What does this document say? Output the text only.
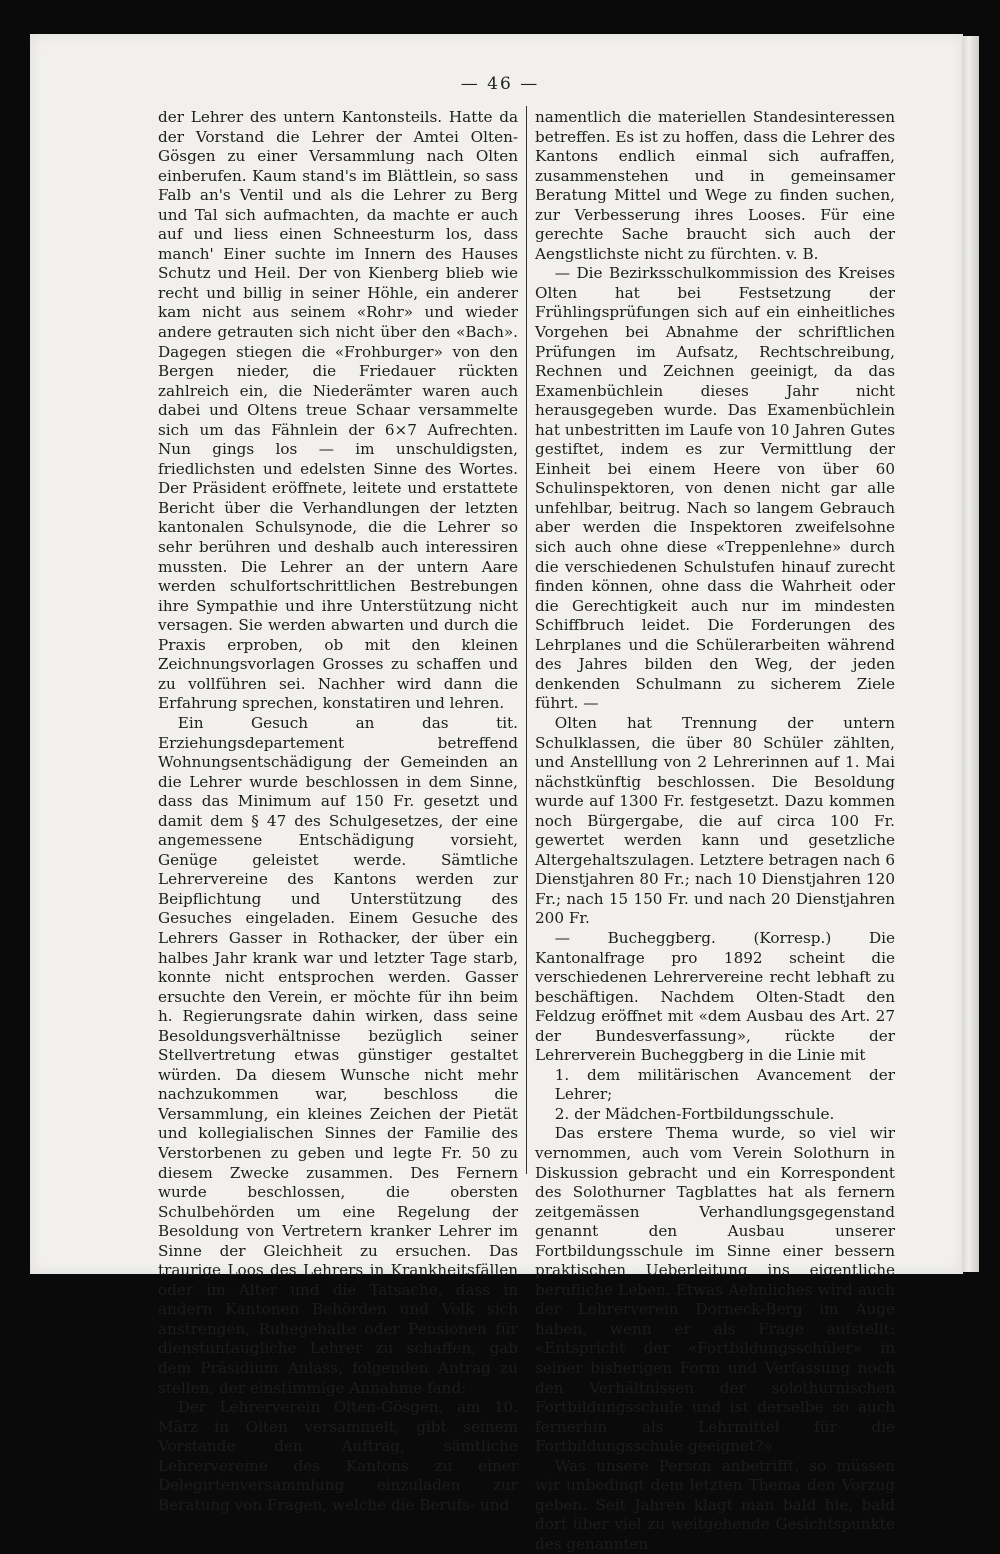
— 46 —

der Lehrer des untern Kantonsteils. Hatte da der Vorstand die Lehrer der Amtei Olten-Gösgen zu einer Versammlung nach Olten einberufen. Kaum stand's im Blättlein, so sass Falb an's Ventil und als die Lehrer zu Berg und Tal sich aufmachten, da machte er auch auf und liess einen Schneesturm los, dass manch' Einer suchte im Innern des Hauses Schutz und Heil. Der von Kienberg blieb wie recht und billig in seiner Höhle, ein anderer kam nicht aus seinem «Rohr» und wieder andere getrauten sich nicht über den «Bach». Dagegen stiegen die «Frohburger» von den Bergen nieder, die Friedauer rückten zahlreich ein, die Niederämter waren auch dabei und Oltens treue Schaar versammelte sich um das Fähnlein der 6×7 Aufrechten. Nun gings los — im unschuldigsten, friedlichsten und edelsten Sinne des Wortes. Der Präsident eröffnete, leitete und erstattete Bericht über die Verhandlungen der letzten kantonalen Schulsynode, die die Lehrer so sehr berühren und deshalb auch interessiren mussten. Die Lehrer an der untern Aare werden schulfortschrittlichen Bestrebungen ihre Sympathie und ihre Unterstützung nicht versagen. Sie werden abwarten und durch die Praxis erproben, ob mit den kleinen Zeichnungsvorlagen Grosses zu schaffen und zu vollführen sei. Nachher wird dann die Erfahrung sprechen, konstatiren und lehren.

Ein Gesuch an das tit. Erziehungsdepartement betreffend Wohnungsentschädigung der Gemeinden an die Lehrer wurde beschlossen in dem Sinne, dass das Minimum auf 150 Fr. gesetzt und damit dem § 47 des Schulgesetzes, der eine angemessene Entschädigung vorsieht, Genüge geleistet werde. Sämtliche Lehrervereine des Kantons werden zur Beipflichtung und Unterstützung des Gesuches eingeladen. Einem Gesuche des Lehrers Gasser in Rothacker, der über ein halbes Jahr krank war und letzter Tage starb, konnte nicht entsprochen werden. Gasser ersuchte den Verein, er möchte für ihn beim h. Regierungsrate dahin wirken, dass seine Besoldungsverhältnisse bezüglich seiner Stellvertretung etwas günstiger gestaltet würden. Da diesem Wunsche nicht mehr nachzukommen war, beschloss die Versammlung, ein kleines Zeichen der Pietät und kollegialischen Sinnes der Familie des Verstorbenen zu geben und legte Fr. 50 zu diesem Zwecke zusammen. Des Fernern wurde beschlossen, die obersten Schulbehörden um eine Regelung der Besoldung von Vertretern kranker Lehrer im Sinne der Gleichheit zu ersuchen. Das traurige Loos des Lehrers in Krankheitsfällen oder im Alter und die Tatsache, dass in andern Kantonen Behörden und Volk sich anstrengen, Ruhegehalte oder Pensionen für dienstuntaugliche Lehrer zu schaffen, gab dem Präsidium Anlass, folgenden Antrag zu stellen, der einstimmige Annahme fand:

Der Lehrerverein Olten-Gösgen, am 10. März in Olten versammelt, gibt seinem Vorstande den Auftrag, sämtliche Lehrervereine des Kantons zu einer Delegirtenversammlung einzuladen zur Beratung von Fragen, welche die Berufs- und

namentlich die materiellen Standesinteressen betreffen. Es ist zu hoffen, dass die Lehrer des Kantons endlich einmal sich aufraffen, zusammenstehen und in gemeinsamer Beratung Mittel und Wege zu finden suchen, zur Verbesserung ihres Looses. Für eine gerechte Sache braucht sich auch der Aengstlichste nicht zu fürchten. v. B.

— Die Bezirksschulkommission des Kreises Olten hat bei Festsetzung der Frühlingsprüfungen sich auf ein einheitliches Vorgehen bei Abnahme der schriftlichen Prüfungen im Aufsatz, Rechtschreibung, Rechnen und Zeichnen geeinigt, da das Examenbüchlein dieses Jahr nicht herausgegeben wurde. Das Examenbüchlein hat unbestritten im Laufe von 10 Jahren Gutes gestiftet, indem es zur Vermittlung der Einheit bei einem Heere von über 60 Schulinspektoren, von denen nicht gar alle unfehlbar, beitrug. Nach so langem Gebrauch aber werden die Inspektoren zweifelsohne sich auch ohne diese «Treppenlehne» durch die verschiedenen Schulstufen hinauf zurecht finden können, ohne dass die Wahrheit oder die Gerechtigkeit auch nur im mindesten Schiffbruch leidet. Die Forderungen des Lehrplanes und die Schülerarbeiten während des Jahres bilden den Weg, der jeden denkenden Schulmann zu sicherem Ziele führt. —

Olten hat Trennung der untern Schulklassen, die über 80 Schüler zählten, und Anstelllung von 2 Lehrerinnen auf 1. Mai nächstkünftig beschlossen. Die Besoldung wurde auf 1300 Fr. festgesetzt. Dazu kommen noch Bürgergabe, die auf circa 100 Fr. gewertet werden kann und gesetzliche Altergehaltszulagen. Letztere betragen nach 6 Dienstjahren 80 Fr.; nach 10 Dienstjahren 120 Fr.; nach 15 150 Fr. und nach 20 Dienstjahren 200 Fr.

— Bucheggberg. (Korresp.) Die Kantonalfrage pro 1892 scheint die verschiedenen Lehrervereine recht lebhaft zu beschäftigen. Nachdem Olten-Stadt den Feldzug eröffnet mit «dem Ausbau des Art. 27 der Bundesverfassung», rückte der Lehrerverein Bucheggberg in die Linie mit

1. dem militärischen Avancement der Lehrer;

2. der Mädchen-Fortbildungsschule.

Das erstere Thema wurde, so viel wir vernommen, auch vom Verein Solothurn in Diskussion gebracht und ein Korrespondent des Solothurner Tagblattes hat als fernern zeitgemässen Verhandlungsgegenstand genannt den Ausbau unserer Fortbildungsschule im Sinne einer bessern praktischen Ueberleitung ins eigentliche berufliche Leben. Etwas Aehnliches wird auch der Lehrerverein Dorneck-Berg im Auge haben, wenn er als Frage aufstellt: «Entspricht der «Fortbildungsschüler» in seiner bisherigen Form und Verfassung noch den Verhältnissen der solothurnischen Fortbildungsschule und ist derselbe so auch fernerhin als Lehrmittel für die Fortbildungsschule geeignet?»

Was unsere Person anbetrifft, so müssen wir unbedingt dem letzten Thema den Vorzug geben. Seit Jahren klagt man bald hie, bald dort über viel zu weitgehende Gesichtspunkte des genannten
